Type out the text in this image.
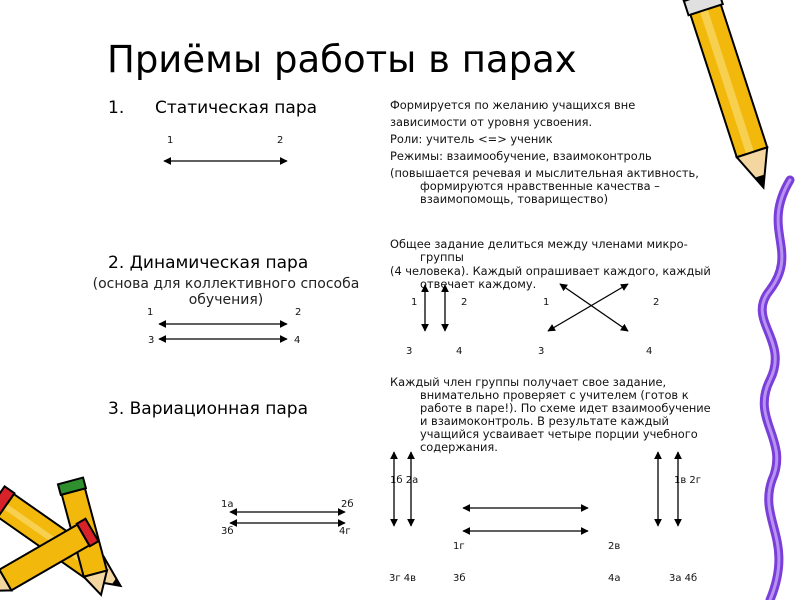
Приёмы работы в парах
1. Статическая пара
1	2
Формируется по желанию учащихся вне
зависимости от уровня усвоения.
Роли: учитель <=> ученик
Режимы: взаимообучение, взаимоконтроль
(повышается речевая и мыслительная активность,
формируются нравственные качества –
взаимопомощь, товарищество)
2. Динамическая пара
(основа для коллективного способа
обучения)
1	2
3	4
Общее задание делиться между членами микро-
группы
(4 человека). Каждый опрашивает каждого, каждый
отвечает каждому.
1	2
3	4
1	2
3	4
3. Вариационная пара
1а	2б
3б	4г
Каждый член группы получает свое задание,
внимательно проверяет с учителем (готов к
работе в паре!). По схеме идет взаимообучение
и взаимоконтроль. В результате каждый
учащийся усваивает четыре порции учебного
содержания.
1б 2а	1в 2г
1г	2в
3г 4в	3б	4а	3а 4б
